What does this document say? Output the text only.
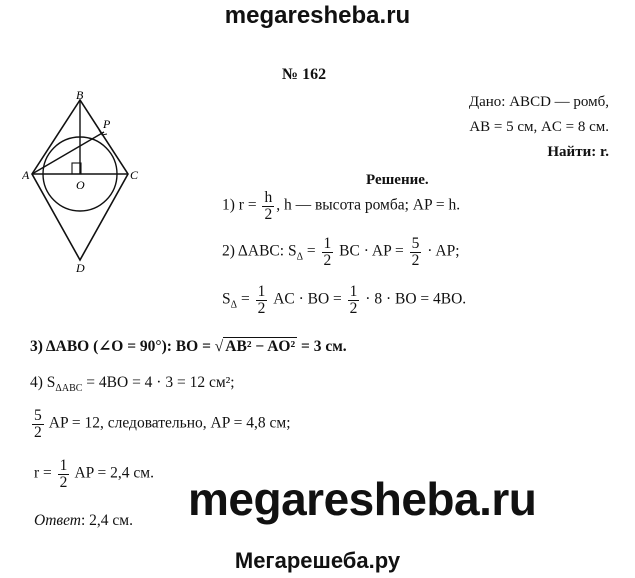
megaresheba.ru
№ 162
Дано: ABCD — ромб,
AB = 5 см, AC = 8 см.
Найти: r.
B
P
A
O
C
D
Решение.
1) $r = \frac{h}{2}$ , h — высота ромба; AP = h.
2) ΔABC: $S_\Delta = \frac{1}{2}$ BC · AP = $\frac{5}{2}$ · AP;
$S_\Delta = \frac{1}{2}$ AC · BO = $\frac{1}{2} \cdot 8$ · BO = 4BO.
3) ΔABO (∠O = 90°): BO = √ AB² − AO² = 3 см.
4) $S_{\Delta ABC} = 4BO = 4 \cdot 3 = 12$ см²;
$\frac{5}{2}$ AP = 12, следовательно, AP = 4,8 см;
$r = \frac{1}{2}$ AP = 2,4 см.
Ответ: 2,4 см. megaresheba.ru
Мегарешеба.ру
